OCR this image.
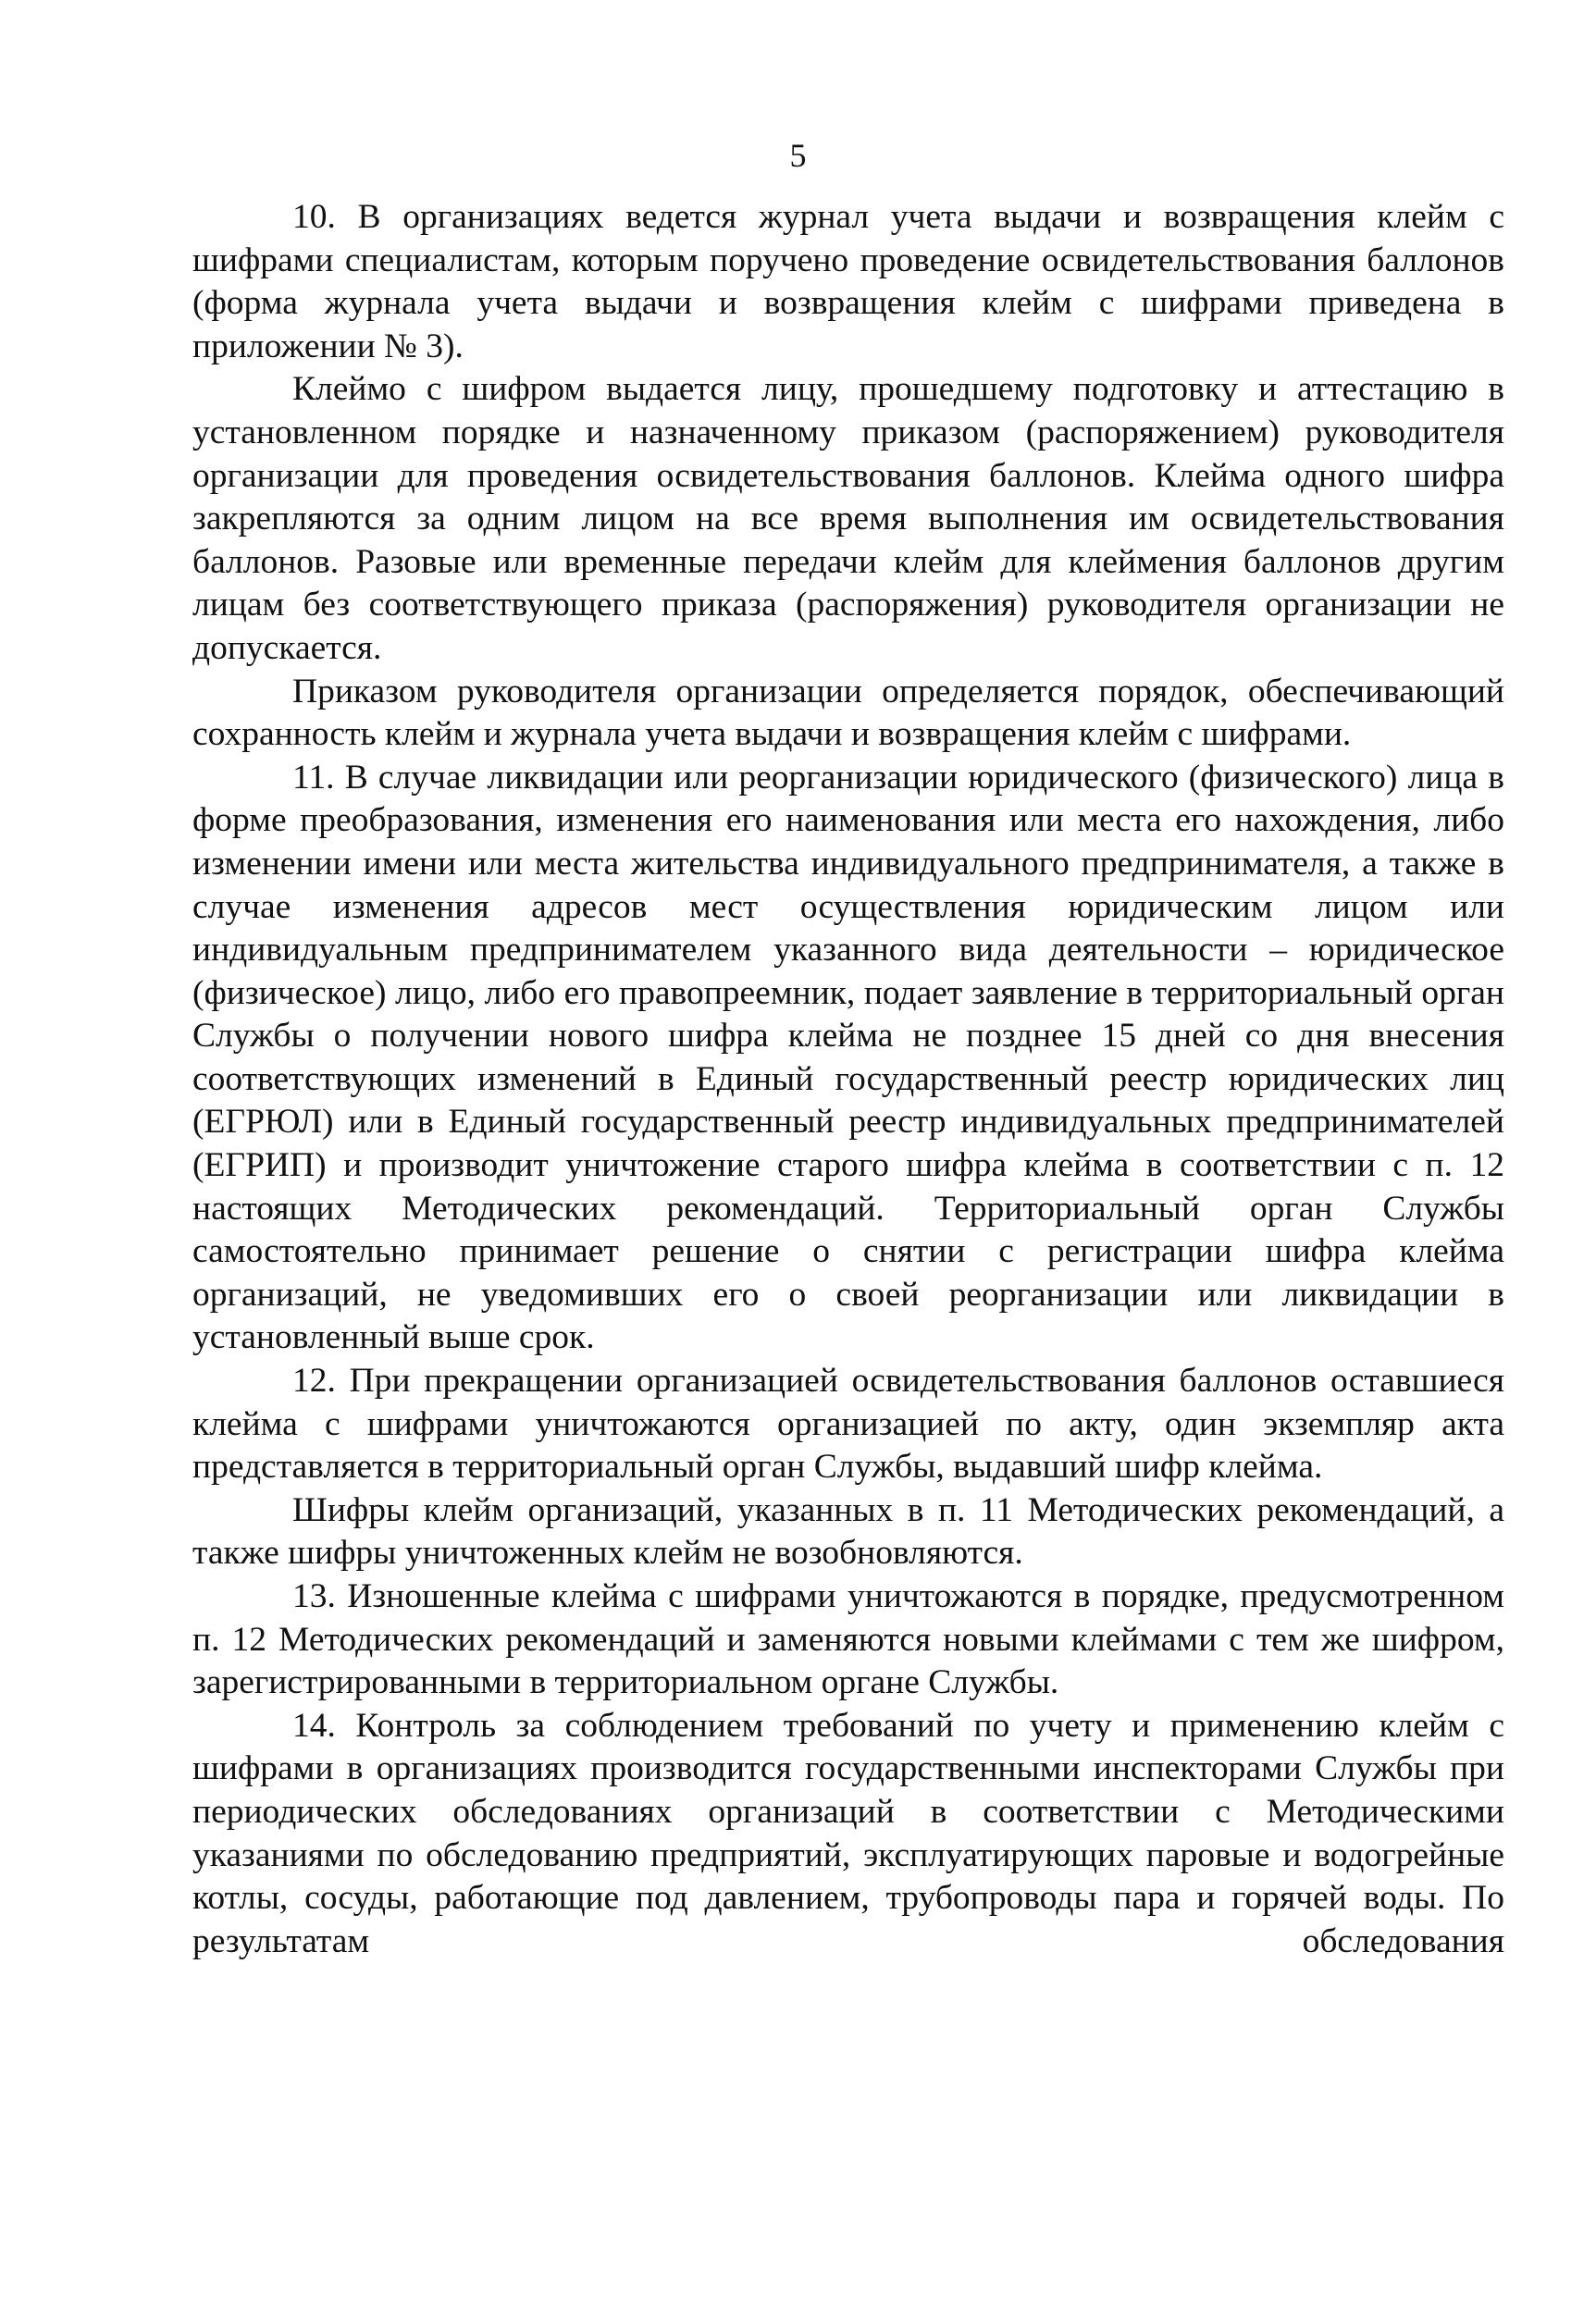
5

10. В организациях ведется журнал учета выдачи и возвращения клейм с шифрами специалистам, которым поручено проведение освидетельствования баллонов (форма журнала учета выдачи и возвращения клейм с шифрами приведена в приложении № 3).

Клеймо с шифром выдается лицу, прошедшему подготовку и аттестацию в установленном порядке и назначенному приказом (распоряжением) руководителя организации для проведения освидетельствования баллонов. Клейма одного шифра закрепляются за одним лицом на все время выполнения им освидетельствования баллонов. Разовые или временные передачи клейм для клеймения баллонов другим лицам без соответствующего приказа (распоряжения) руководителя организации не допускается.

Приказом руководителя организации определяется порядок, обеспечивающий сохранность клейм и журнала учета выдачи и возвращения клейм с шифрами.

11. В случае ликвидации или реорганизации юридического (физического) лица в форме преобразования, изменения его наименования или места его нахождения, либо изменении имени или места жительства индивидуального предпринимателя, а также в случае изменения адресов мест осуществления юридическим лицом или индивидуальным предпринимателем указанного вида деятельности – юридическое (физическое) лицо, либо его правопреемник, подает заявление в территориальный орган Службы о получении нового шифра клейма не позднее 15 дней со дня внесения соответствующих изменений в Единый государственный реестр юридических лиц (ЕГРЮЛ) или в Единый государственный реестр индивидуальных предпринимателей (ЕГРИП) и производит уничтожение старого шифра клейма в соответствии с п. 12 настоящих Методических рекомендаций. Территориальный орган Службы самостоятельно принимает решение о снятии с регистрации шифра клейма организаций, не уведомивших его о своей реорганизации или ликвидации в установленный выше срок.

12. При прекращении организацией освидетельствования баллонов оставшиеся клейма с шифрами уничтожаются организацией по акту, один экземпляр акта представляется в территориальный орган Службы, выдавший шифр клейма.

Шифры клейм организаций, указанных в п. 11 Методических рекомендаций, а также шифры уничтоженных клейм не возобновляются.

13. Изношенные клейма с шифрами уничтожаются в порядке, предусмотренном п. 12 Методических рекомендаций и заменяются новыми клеймами с тем же шифром, зарегистрированными в территориальном органе Службы.

14. Контроль за соблюдением требований по учету и применению клейм с шифрами в организациях производится государственными инспекторами Службы при периодических обследованиях организаций в соответствии с Методическими указаниями по обследованию предприятий, эксплуатирующих паровые и водогрейные котлы, сосуды, работающие под давлением, трубопроводы пара и горячей воды. По результатам обследования
